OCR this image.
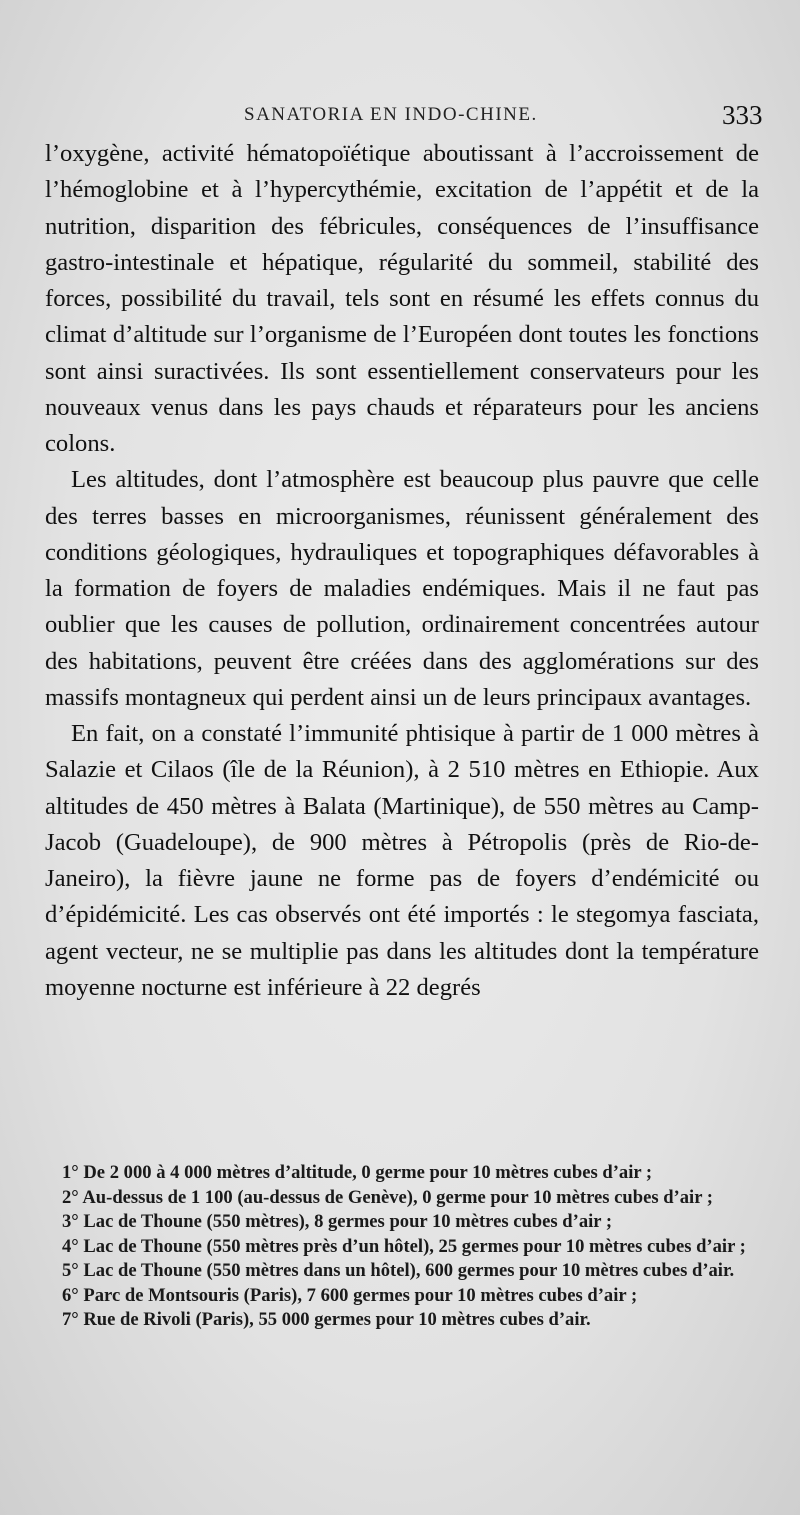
SANATORIA EN INDO-CHINE.	333

l’oxygène, activité hématopoïétique aboutissant à l’accroissement de l’hémoglobine et à l’hypercythémie, excitation de l’appétit et de la nutrition, disparition des fébricules, conséquences de l’insuffisance gastro-intestinale et hépatique, régularité du sommeil, stabilité des forces, possibilité du travail, tels sont en résumé les effets connus du climat d’altitude sur l’organisme de l’Européen dont toutes les fonctions sont ainsi suractivées. Ils sont essentiellement conservateurs pour les nouveaux venus dans les pays chauds et réparateurs pour les anciens colons.

Les altitudes, dont l’atmosphère est beaucoup plus pauvre que celle des terres basses en microorganismes, réunissent généralement des conditions géologiques, hydrauliques et topographiques défavorables à la formation de foyers de maladies endémiques. Mais il ne faut pas oublier que les causes de pollution, ordinairement concentrées autour des habitations, peuvent être créées dans des agglomérations sur des massifs montagneux qui perdent ainsi un de leurs principaux avantages.

En fait, on a constaté l’immunité phtisique à partir de 1 000 mètres à Salazie et Cilaos (île de la Réunion), à 2 510 mètres en Ethiopie. Aux altitudes de 450 mètres à Balata (Martinique), de 550 mètres au Camp-Jacob (Guadeloupe), de 900 mètres à Pétropolis (près de Rio-de-Janeiro), la fièvre jaune ne forme pas de foyers d’endémicité ou d’épidémicité. Les cas observés ont été importés : le stegomya fasciata, agent vecteur, ne se multiplie pas dans les altitudes dont la température moyenne nocturne est inférieure à 22 degrés

1° De 2 000 à 4 000 mètres d’altitude, 0 germe pour 10 mètres cubes d’air ;

2° Au-dessus de 1 100 (au-dessus de Genève), 0 germe pour 10 mètres cubes d’air ;

3° Lac de Thoune (550 mètres), 8 germes pour 10 mètres cubes d’air ;

4° Lac de Thoune (550 mètres près d’un hôtel), 25 germes pour 10 mètres cubes d’air ;

5° Lac de Thoune (550 mètres dans un hôtel), 600 germes pour 10 mètres cubes d’air.

6° Parc de Montsouris (Paris), 7 600 germes pour 10 mètres cubes d’air ;

7° Rue de Rivoli (Paris), 55 000 germes pour 10 mètres cubes d’air.
